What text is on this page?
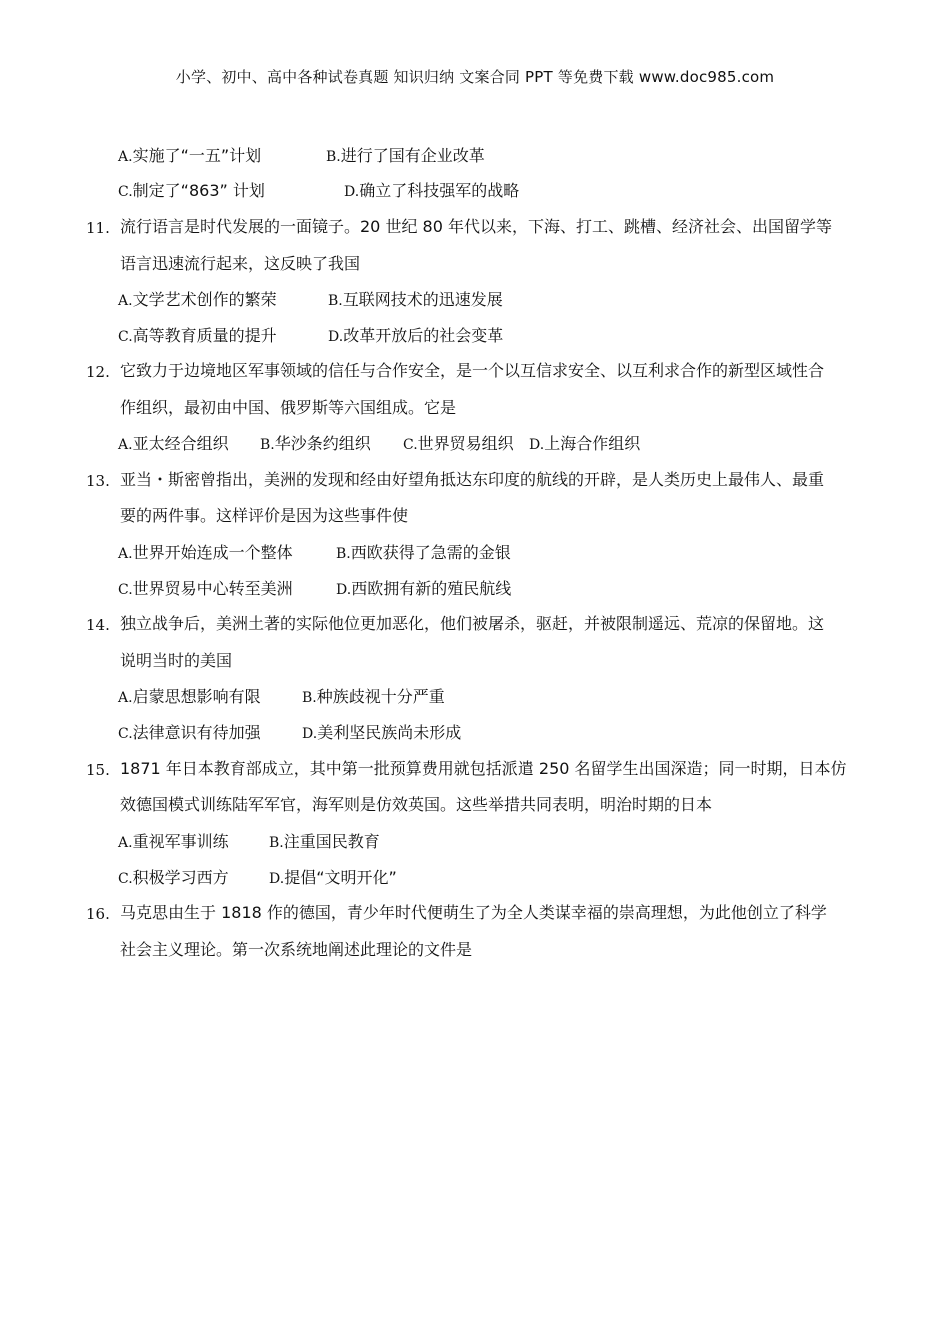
小学、初中、高中各种试卷真题 知识归纳 文案合同 PPT 等免费下载 www.doc985.com
A.实施了“一五”计划	B.进行了国有企业改革
C.制定了“863” 计划	D.确立了科技强军的战略
11. 流行语言是时代发展的一面镜子。20 世纪 80 年代以来，下海、打工、跳槽、经济社会、出国留学等
语言迅速流行起来，这反映了我国
A.文学艺术创作的繁荣	B.互联网技术的迅速发展
C.高等教育质量的提升	D.改革开放后的社会变革
12. 它致力于边境地区军事领域的信任与合作安全，是一个以互信求安全、以互利求合作的新型区域性合
作组织，最初由中国、俄罗斯等六国组成。它是
A.亚太经合组织 B.华沙条约组织 C.世界贸易组织 D.上海合作组织
13. 亚当・斯密曾指出，美洲的发现和经由好望角抵达东印度的航线的开辟，是人类历史上最伟人、最重
要的两件事。这样评价是因为这些事件使
A.世界开始连成一个整体	B.西欧获得了急需的金银
C.世界贸易中心转至美洲	D.西欧拥有新的殖民航线
14. 独立战争后，美洲土著的实际他位更加恶化，他们被屠杀，驱赶，并被限制遥远、荒凉的保留地。这
说明当时的美国
A.启蒙思想影响有限	B.种族歧视十分严重
C.法律意识有待加强	D.美利坚民族尚未形成
15. 1871 年日本教育部成立，其中第一批预算费用就包括派遣 250 名留学生出国深造；同一时期，日本仿
效德国模式训练陆军军官，海军则是仿效英国。这些举措共同表明，明治时期的日本
A.重视军事训练	B.注重国民教育
C.积极学习西方	D.提倡“文明开化”
16. 马克思由生于 1818 作的德国，青少年时代便萌生了为全人类谋幸福的崇高理想，为此他创立了科学
社会主义理论。第一次系统地阐述此理论的文件是
